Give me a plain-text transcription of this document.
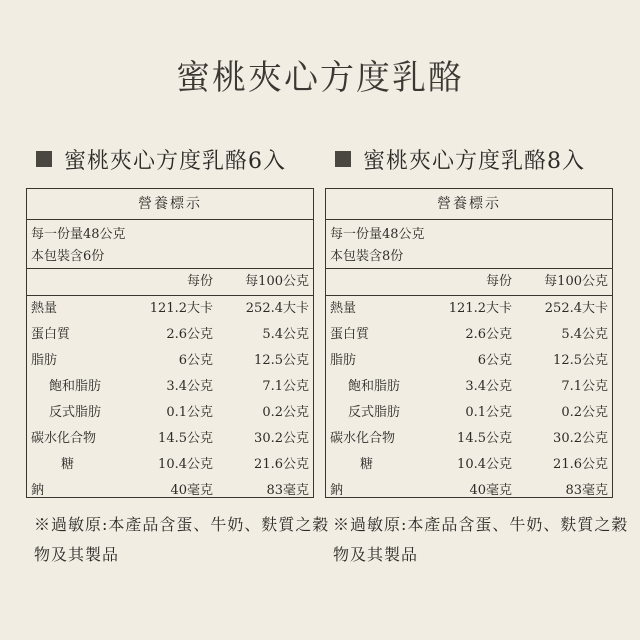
蜜桃夾心方度乳酪
蜜桃夾心方度乳酪6入
營養標示
每一份量48公克
本包裝含6份
每份	每100公克
熱量	121.2大卡	252.4大卡
蛋白質	2.6公克	5.4公克
脂肪	6公克	12.5公克
飽和脂肪	3.4公克	7.1公克
反式脂肪	0.1公克	0.2公克
碳水化合物	14.5公克	30.2公克
糖	10.4公克	21.6公克
鈉	40毫克	83毫克
※過敏原:本產品含蛋、牛奶、麩質之穀物及其製品
蜜桃夾心方度乳酪8入
營養標示
每一份量48公克
本包裝含8份
每份	每100公克
熱量	121.2大卡	252.4大卡
蛋白質	2.6公克	5.4公克
脂肪	6公克	12.5公克
飽和脂肪	3.4公克	7.1公克
反式脂肪	0.1公克	0.2公克
碳水化合物	14.5公克	30.2公克
糖	10.4公克	21.6公克
鈉	40毫克	83毫克
※過敏原:本產品含蛋、牛奶、麩質之穀物及其製品
